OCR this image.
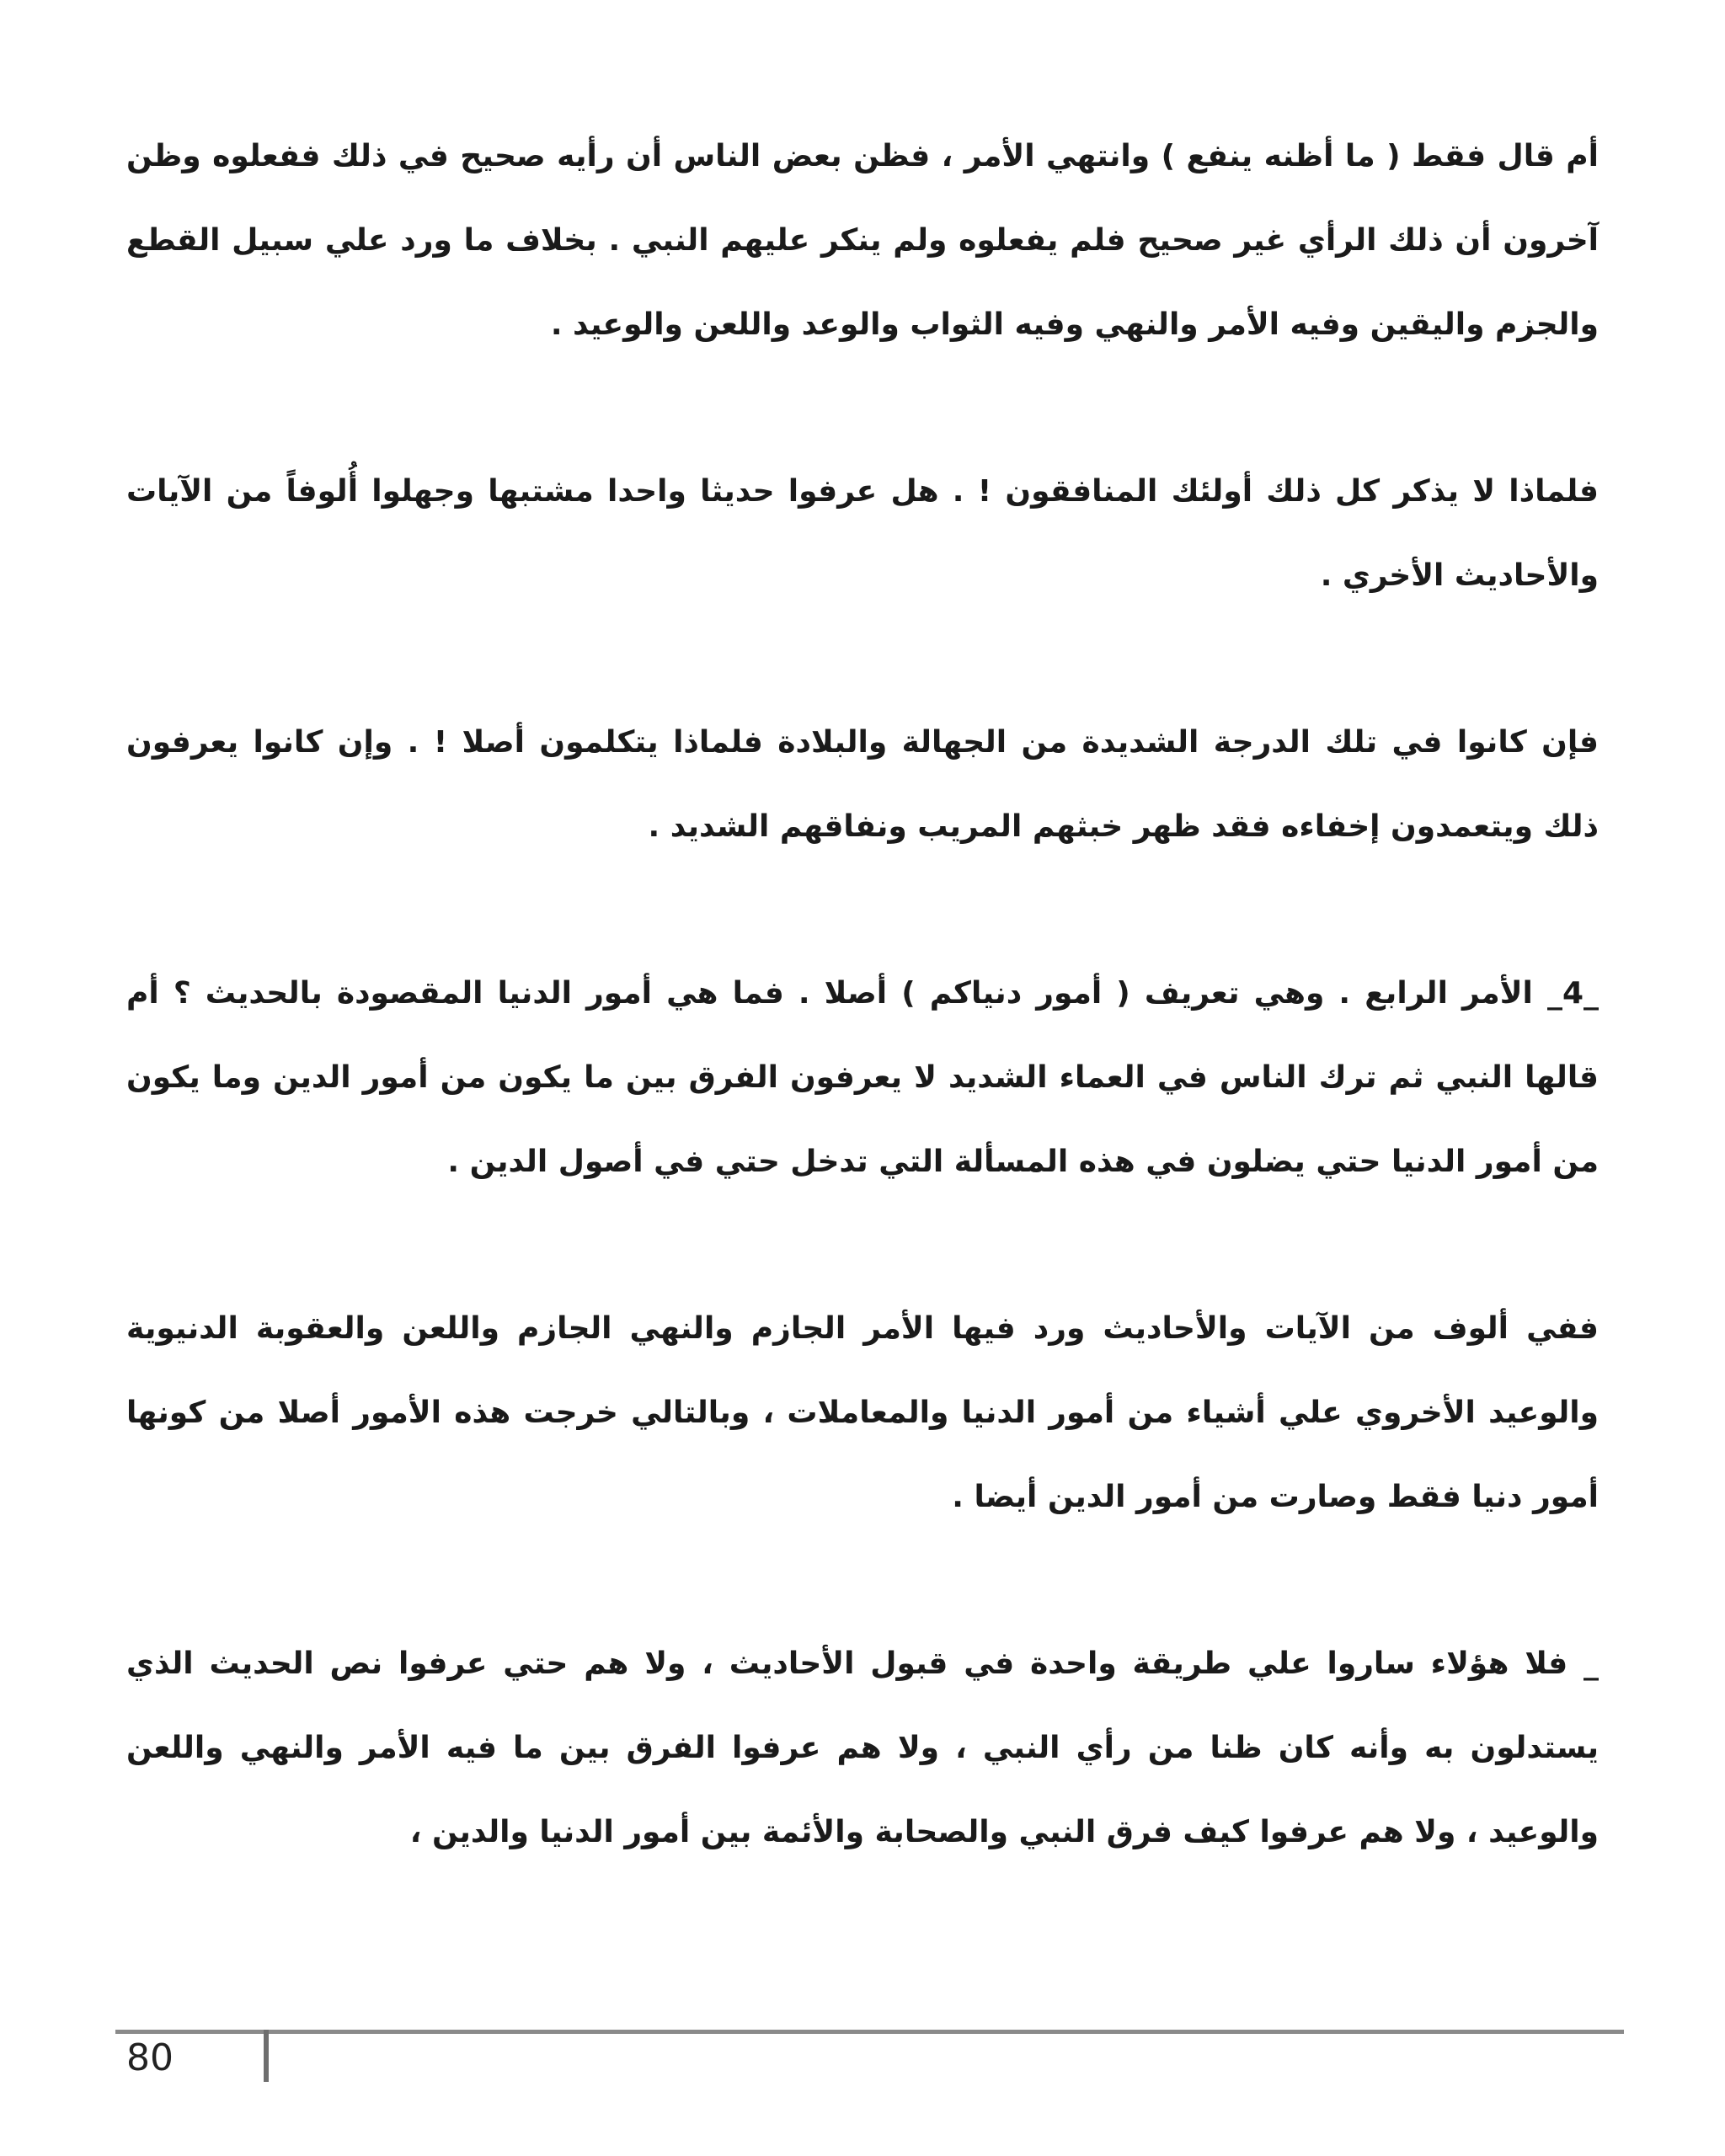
أم قال فقط ( ما أظنه ينفع ) وانتهي الأمر ، فظن بعض الناس أن رأيه صحيح في ذلك ففعلوه وظن آخرون أن ذلك الرأي غير صحيح فلم يفعلوه ولم ينكر عليهم النبي . بخلاف ما ورد علي سبيل القطع والجزم واليقين وفيه الأمر والنهي وفيه الثواب والوعد واللعن والوعيد .

فلماذا لا يذكر كل ذلك أولئك المنافقون ! . هل عرفوا حديثا واحدا مشتبها وجهلوا أُلوفاً من الآيات والأحاديث الأخري .

فإن كانوا في تلك الدرجة الشديدة من الجهالة والبلادة فلماذا يتكلمون أصلا ! . وإن كانوا يعرفون ذلك ويتعمدون إخفاءه فقد ظهر خبثهم المريب ونفاقهم الشديد .

_4_ الأمر الرابع . وهي تعريف ( أمور دنياكم ) أصلا . فما هي أمور الدنيا المقصودة بالحديث ؟ أم قالها النبي ثم ترك الناس في العماء الشديد لا يعرفون الفرق بين ما يكون من أمور الدين وما يكون من أمور الدنيا حتي يضلون في هذه المسألة التي تدخل حتي في أصول الدين .

ففي ألوف من الآيات والأحاديث ورد فيها الأمر الجازم والنهي الجازم واللعن والعقوبة الدنيوية والوعيد الأخروي علي أشياء من أمور الدنيا والمعاملات ، وبالتالي خرجت هذه الأمور أصلا من كونها أمور دنيا فقط وصارت من أمور الدين أيضا .

_ فلا هؤلاء ساروا علي طريقة واحدة في قبول الأحاديث ، ولا هم حتي عرفوا نص الحديث الذي يستدلون به وأنه كان ظنا من رأي النبي ، ولا هم عرفوا الفرق بين ما فيه الأمر والنهي واللعن والوعيد ، ولا هم عرفوا كيف فرق النبي والصحابة والأئمة بين أمور الدنيا والدين ،

80
